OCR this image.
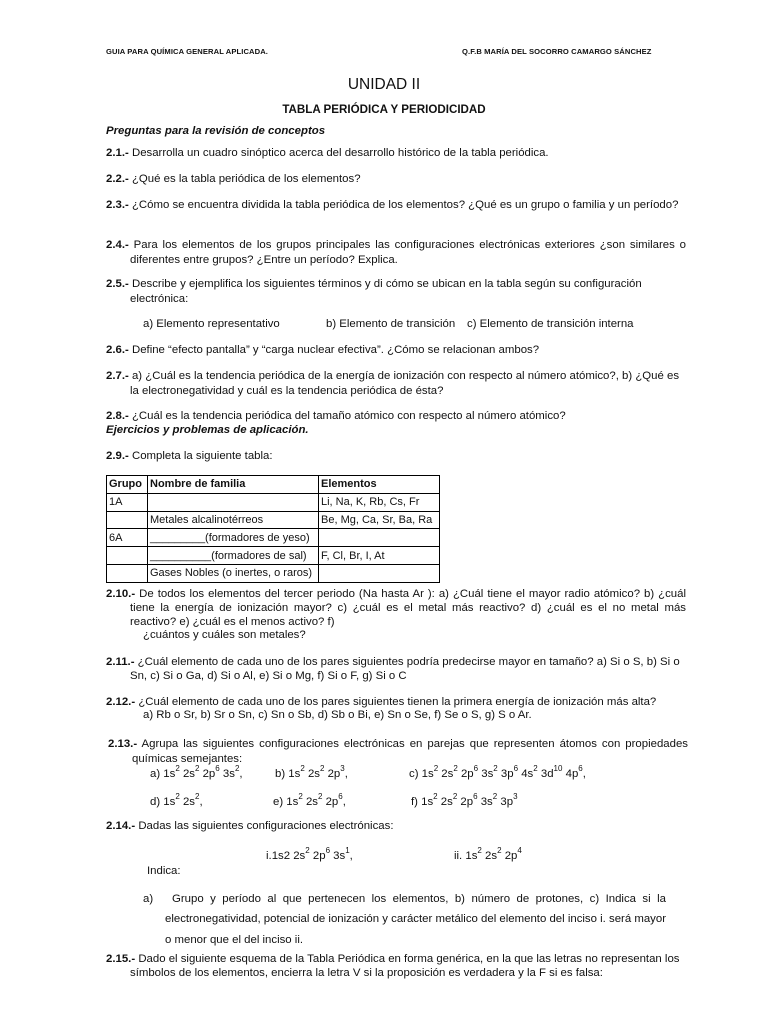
GUIA PARA QUÍMICA GENERAL APLICADA.	Q.F.B MARÍA DEL SOCORRO CAMARGO SÁNCHEZ
UNIDAD II
TABLA PERIÓDICA Y PERIODICIDAD
Preguntas para la revisión de conceptos
2.1.- Desarrolla un cuadro sinóptico acerca del desarrollo histórico de la tabla periódica.
2.2.- ¿Qué es la tabla periódica de los elementos?
2.3.- ¿Cómo se encuentra dividida la tabla periódica de los elementos? ¿Qué es un grupo o familia y un período?
2.4.- Para los elementos de los grupos principales las configuraciones electrónicas exteriores ¿son similares o diferentes entre grupos? ¿Entre un período? Explica.
2.5.- Describe y ejemplifica los siguientes términos y di cómo se ubican en la tabla según su configuración electrónica:
a) Elemento representativo	b) Elemento de transición c) Elemento de transición interna
2.6.- Define “efecto pantalla” y “carga nuclear efectiva”. ¿Cómo se relacionan ambos?
2.7.- a) ¿Cuál es la tendencia periódica de la energía de ionización con respecto al número atómico?, b) ¿Qué es la electronegatividad y cuál es la tendencia periódica de ésta?
2.8.- ¿Cuál es la tendencia periódica del tamaño atómico con respecto al número atómico?
Ejercicios y problemas de aplicación.
2.9.- Completa la siguiente tabla:
Grupo	Nombre de familia	Elementos
1A		Li, Na, K, Rb, Cs, Fr
	Metales alcalinotérreos	Be, Mg, Ca, Sr, Ba, Ra
6A	_________(formadores de yeso)	
	__________(formadores de sal)	F, Cl, Br, I, At
	Gases Nobles (o inertes, o raros)	
2.10.- De todos los elementos del tercer periodo (Na hasta Ar ): a) ¿Cuál tiene el mayor radio atómico? b) ¿cuál tiene la energía de ionización mayor? c) ¿cuál es el metal más reactivo? d) ¿cuál es el no metal más reactivo? e) ¿cuál es el menos activo? f)
¿cuántos y cuáles son metales?
2.11.- ¿Cuál elemento de cada uno de los pares siguientes podría predecirse mayor en tamaño? a) Si o S, b) Si o Sn, c) Si o Ga, d) Si o Al, e) Si o Mg, f) Si o F, g) Si o C
2.12.- ¿Cuál elemento de cada uno de los pares siguientes tienen la primera energía de ionización más alta?
a) Rb o Sr, b) Sr o Sn, c) Sn o Sb, d) Sb o Bi, e) Sn o Se, f) Se o S, g) S o Ar.
2.13.- Agrupa las siguientes configuraciones electrónicas en parejas que representen átomos con propiedades químicas semejantes:
a) $1s^2$ $2s^2$ $2p^6$ $3s^2$,	b) $1s^2$ $2s^2$ $2p^3$,	c) $1s^2$ $2s^2$ $2p^6$ $3s^2$ $3p^6$ $4s^2$ $3d^{10}$ $4p^6$,
d) $1s^2$ $2s^2$,	e) $1s^2$ $2s^2$ $2p^6$,	f) $1s^2$ $2s^2$ $2p^6$ $3s^2$ $3p^3$
2.14.- Dadas las siguientes configuraciones electrónicas:
i.1s2 $2s^2$ $2p^6$ $3s^1$,	ii. $1s^2$ $2s^2$ $2p^4$
Indica:
a) Grupo y período al que pertenecen los elementos, b) número de protones, c) Indica si la
electronegatividad, potencial de ionización y carácter metálico del elemento del inciso i. será mayor
o menor que el del inciso ii.
2.15.- Dado el siguiente esquema de la Tabla Periódica en forma genérica, en la que las letras no representan los símbolos de los elementos, encierra la letra V si la proposición es verdadera y la F si es falsa:
